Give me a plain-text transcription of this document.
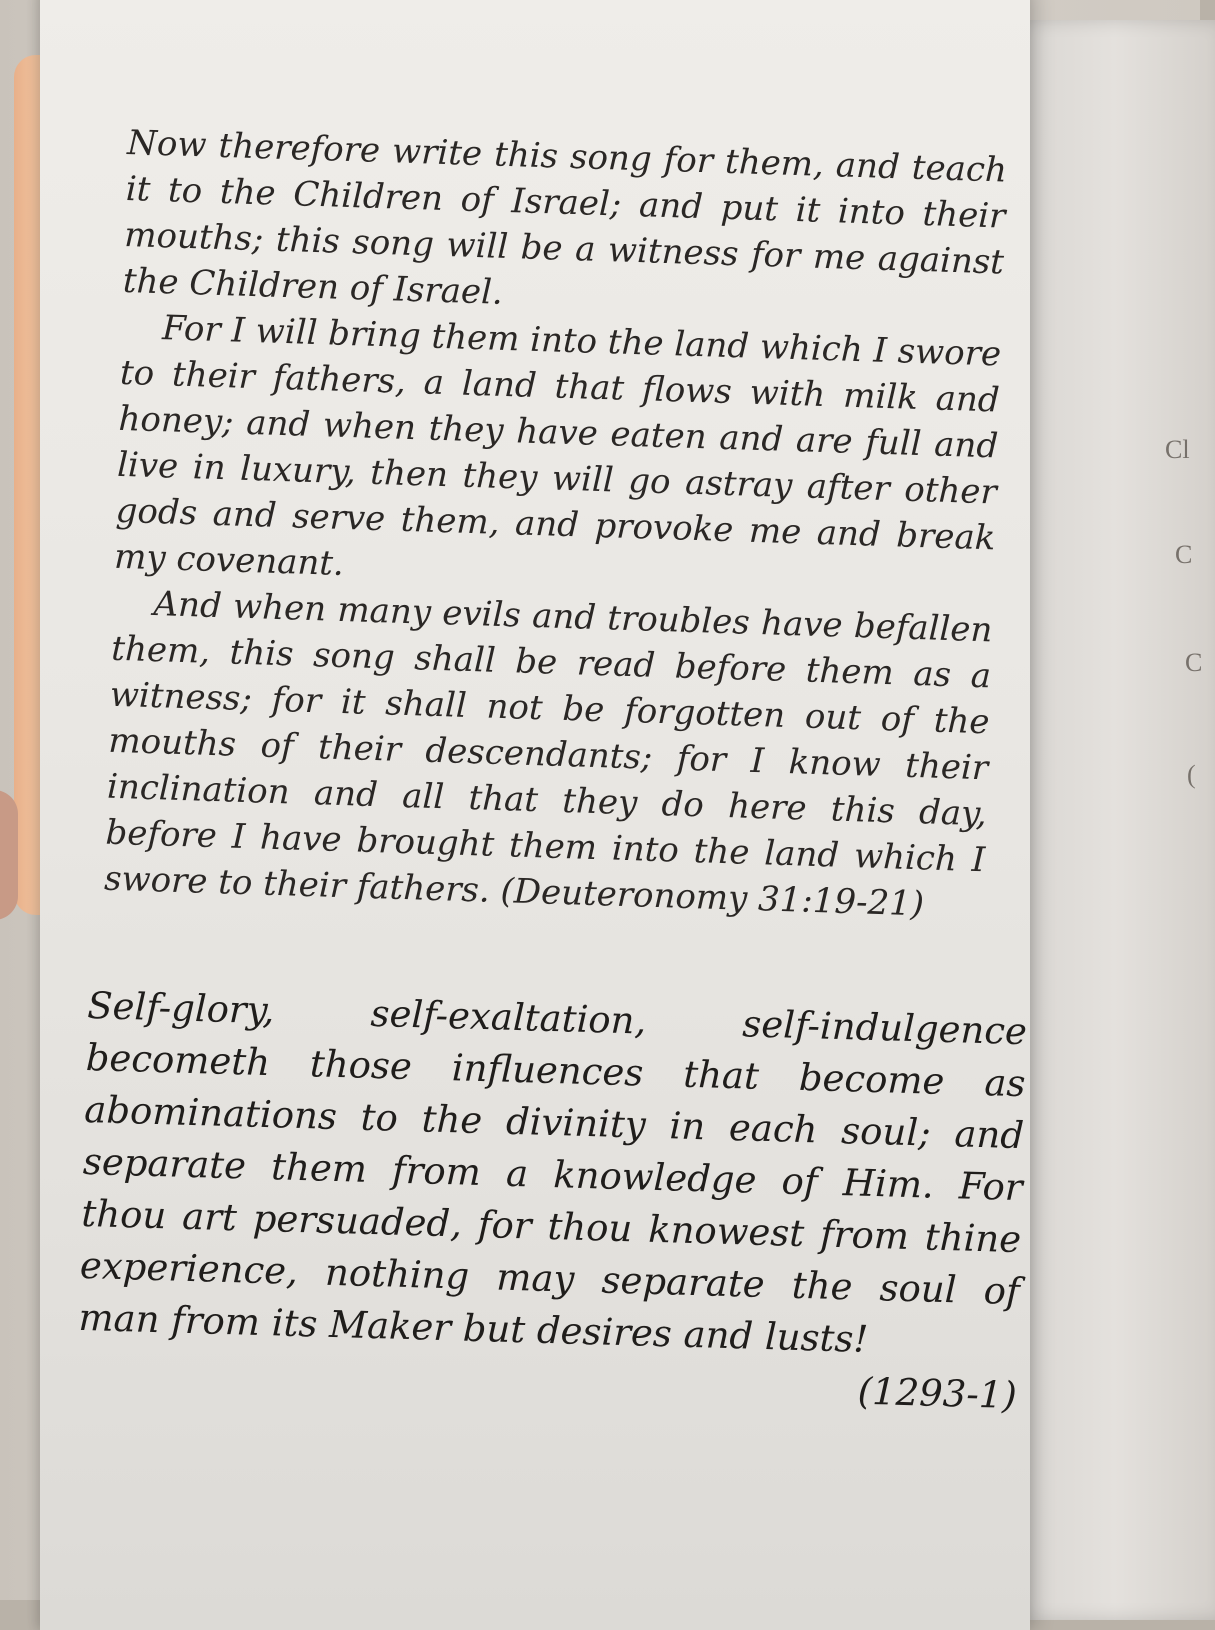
Cl
C
C
(

Now therefore write this song for them, and teach it to the Children of Israel; and put it into their mouths; this song will be a witness for me against the Children of Israel.

For I will bring them into the land which I swore to their fathers, a land that flows with milk and honey; and when they have eaten and are full and live in luxury, then they will go astray after other gods and serve them, and provoke me and break my covenant.

And when many evils and troubles have befallen them, this song shall be read before them as a witness; for it shall not be forgotten out of the mouths of their descendants; for I know their inclination and all that they do here this day, before I have brought them into the land which I swore to their fathers. (Deuteronomy 31:19-21)

Self-glory, self-exaltation, self-indulgence becometh those influences that become as abominations to the divinity in each soul; and separate them from a knowledge of Him. For thou art persuaded, for thou knowest from thine experience, nothing may separate the soul of man from its Maker but desires and lusts!
(1293-1)
